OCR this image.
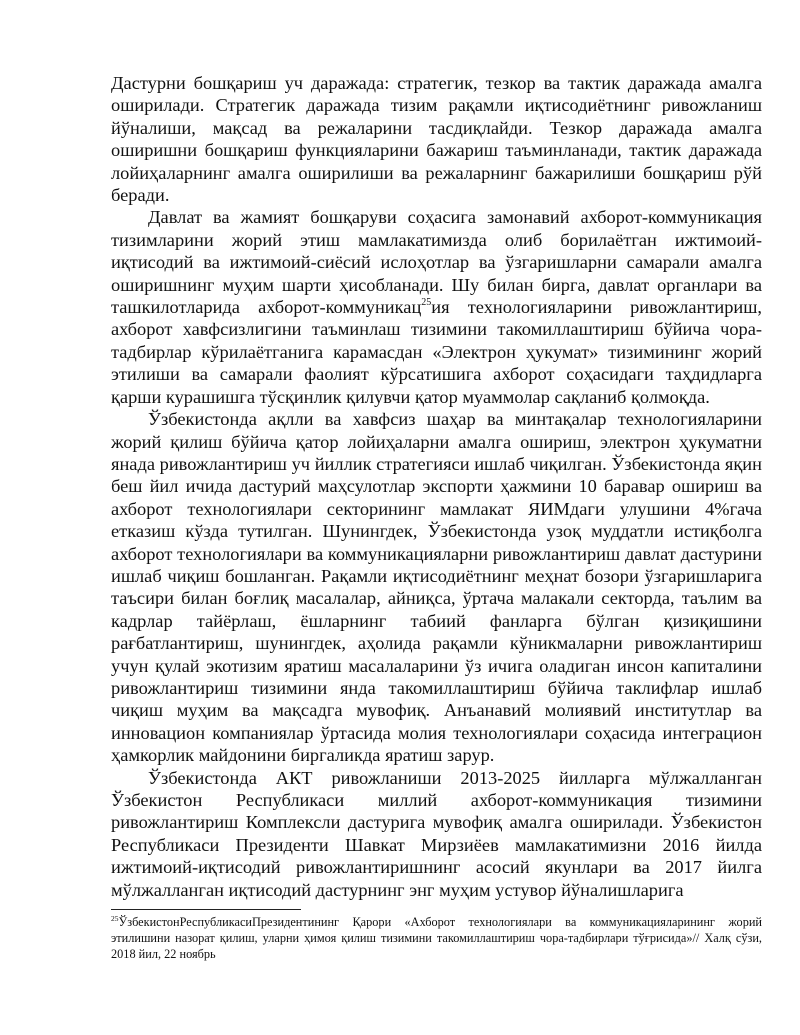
Дастурни бошқариш уч даражада: стратегик, тезкор ва тактик даражада амалга оширилади. Стратегик даражада тизим рақамли иқтисодиётнинг ривожланиш йўналиши, мақсад ва режаларини тасдиқлайди. Тезкор даражада амалга оширишни бошқариш функцияларини бажариш таъминланади, тактик даражада лойиҳаларнинг амалга оширилиши ва режаларнинг бажарилиши бошқариш рўй беради.

Давлат ва жамият бошқаруви соҳасига замонавий ахборот-коммуникация тизимларини жорий этиш мамлакатимизда олиб борилаётган ижтимоий-иқтисодий ва ижтимоий-сиёсий ислоҳотлар ва ўзгаришларни самарали амалга оширишнинг муҳим шарти ҳисобланади. Шу билан бирга, давлат органлари ва ташкилотларида ахборот-коммуникац$^{25}$ия технологияларини ривожлантириш, ахборот хавфсизлигини таъминлаш тизимини такомиллаштириш бўйича чора-тадбирлар кўрилаётганига карамасдан «Электрон ҳукумат» тизимининг жорий этилиши ва самарали фаолият кўрсатишига ахборот соҳасидаги таҳдидларга қарши курашишга тўсқинлик қилувчи қатор муаммолар сақланиб қолмоқда.

Ўзбекистонда ақлли ва хавфсиз шаҳар ва минтақалар технологияларини жорий қилиш бўйича қатор лойиҳаларни амалга ошириш, электрон ҳукуматни янада ривожлантириш уч йиллик стратегияси ишлаб чиқилган. Ўзбекистонда яқин беш йил ичида дастурий маҳсулотлар экспорти ҳажмини 10 баравар ошириш ва ахборот технологиялари секторининг мамлакат ЯИМдаги улушини 4%гача етказиш кўзда тутилган. Шунингдек, Ўзбекистонда узоқ муддатли истиқболга ахборот технологиялари ва коммуникацияларни ривожлантириш давлат дастурини ишлаб чиқиш бошланган. Рақамли иқтисодиётнинг меҳнат бозори ўзгаришларига таъсири билан боғлиқ масалалар, айниқса, ўртача малакали секторда, таълим ва кадрлар тайёрлаш, ёшларнинг табиий фанларга бўлган қизиқишини рағбатлантириш, шунингдек, аҳолида рақамли кўникмаларни ривожлантириш учун қулай экотизим яратиш масалаларини ўз ичига оладиган инсон капиталини ривожлантириш тизимини янда такомиллаштириш бўйича таклифлар ишлаб чиқиш муҳим ва мақсадга мувофиқ. Анъанавий молиявий институтлар ва инновацион компаниялар ўртасида молия технологиялари соҳасида интеграцион ҳамкорлик майдонини биргаликда яратиш зарур.

Ўзбекистонда АКТ ривожланиши 2013-2025 йилларга мўлжалланган Ўзбекистон Республикаси миллий ахборот-коммуникация тизимини ривожлантириш Комплексли дастурига мувофиқ амалга оширилади. Ўзбекистон Республикаси Президенти Шавкат Мирзиёев мамлакатимизни 2016 йилда ижтимоий-иқтисодий ривожлантиришнинг асосий якунлари ва 2017 йилга мўлжалланган иқтисодий дастурнинг энг муҳим устувор йўналишларига

$^{25}$ЎзбекистонРеспубликасиПрезидентининг Қарори «Ахборот технологиялари ва коммуникацияларининг жорий этилишини назорат қилиш, уларни ҳимоя қилиш тизимини такомиллаштириш чора-тадбирлари тўғрисида»// Халқ сўзи, 2018 йил, 22 ноябрь
